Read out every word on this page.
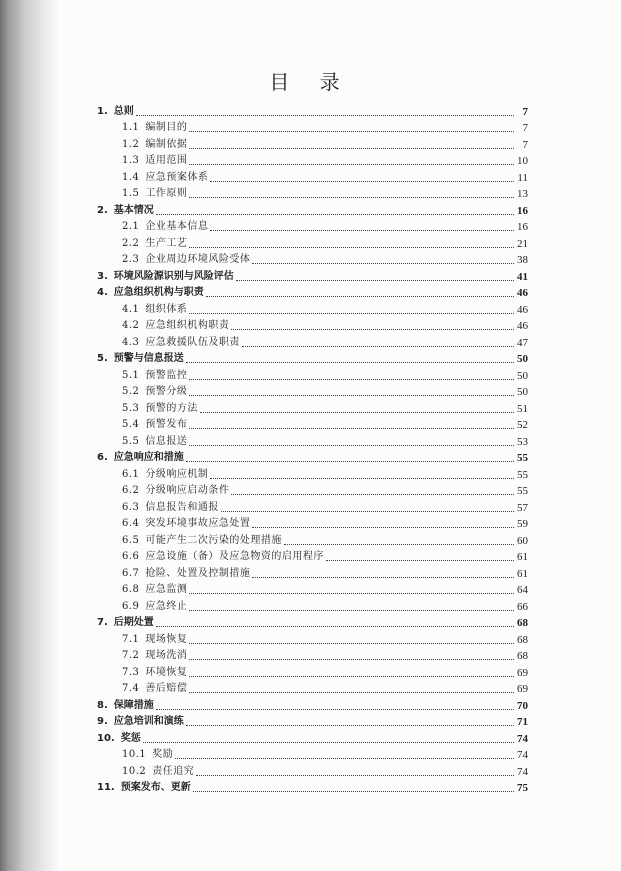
目 录
1. 总则	7
1.1 编制目的	7
1.2 编制依据	7
1.3 适用范围	10
1.4 应急预案体系	11
1.5 工作原则	13
2. 基本情况	16
2.1 企业基本信息	16
2.2 生产工艺	21
2.3 企业周边环境风险受体	38
3. 环境风险源识别与风险评估	41
4. 应急组织机构与职责	46
4.1 组织体系	46
4.2 应急组织机构职责	46
4.3 应急救援队伍及职责	47
5. 预警与信息报送	50
5.1 预警监控	50
5.2 预警分级	50
5.3 预警的方法	51
5.4 预警发布	52
5.5 信息报送	53
6. 应急响应和措施	55
6.1 分级响应机制	55
6.2 分级响应启动条件	55
6.3 信息报告和通报	57
6.4 突发环境事故应急处置	59
6.5 可能产生二次污染的处理措施	60
6.6 应急设施（备）及应急物资的启用程序	61
6.7 抢险、处置及控制措施	61
6.8 应急监测	64
6.9 应急终止	66
7. 后期处置	68
7.1 现场恢复	68
7.2 现场洗消	68
7.3 环境恢复	69
7.4 善后赔偿	69
8. 保障措施	70
9. 应急培训和演练	71
10. 奖惩	74
10.1 奖励	74
10.2 责任追究	74
11. 预案发布、更新	75
